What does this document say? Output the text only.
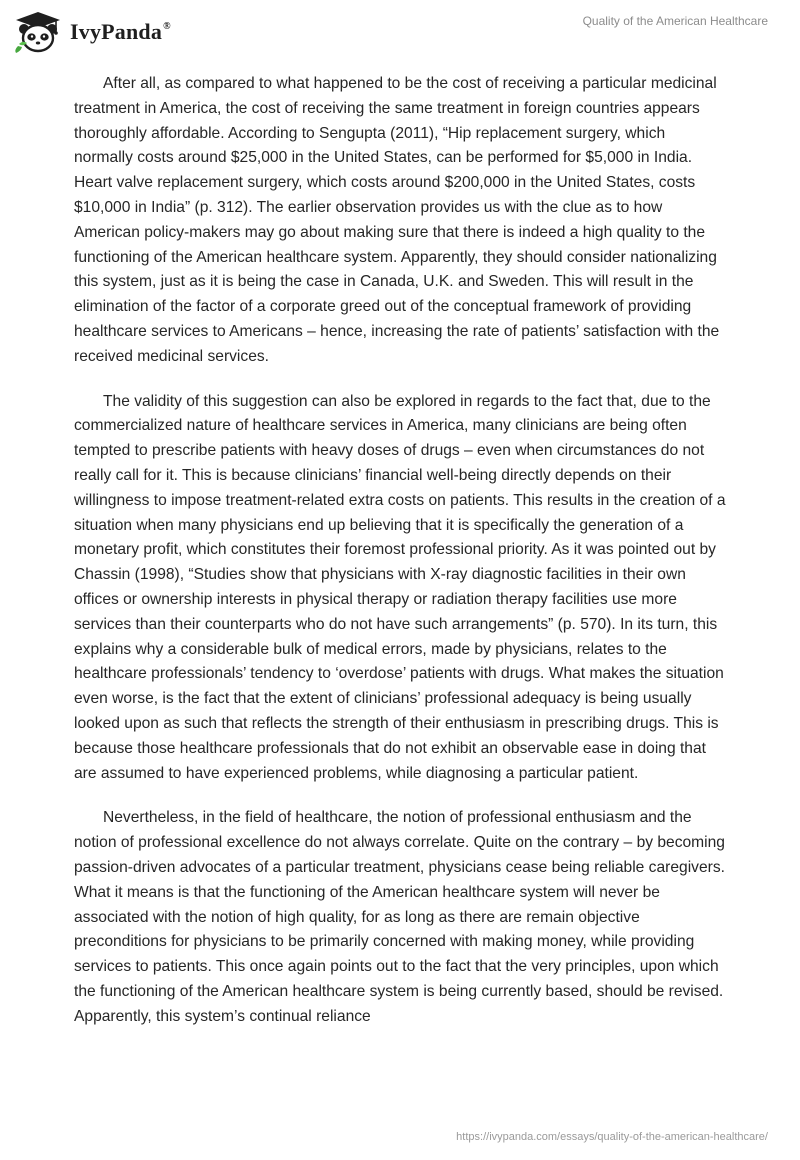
IvyPanda®	Quality of the American Healthcare

After all, as compared to what happened to be the cost of receiving a particular medicinal treatment in America, the cost of receiving the same treatment in foreign countries appears thoroughly affordable. According to Sengupta (2011), “Hip replacement surgery, which normally costs around $25,000 in the United States, can be performed for $5,000 in India. Heart valve replacement surgery, which costs around $200,000 in the United States, costs $10,000 in India” (p. 312). The earlier observation provides us with the clue as to how American policy-makers may go about making sure that there is indeed a high quality to the functioning of the American healthcare system. Apparently, they should consider nationalizing this system, just as it is being the case in Canada, U.K. and Sweden. This will result in the elimination of the factor of a corporate greed out of the conceptual framework of providing healthcare services to Americans – hence, increasing the rate of patients’ satisfaction with the received medicinal services.

The validity of this suggestion can also be explored in regards to the fact that, due to the commercialized nature of healthcare services in America, many clinicians are being often tempted to prescribe patients with heavy doses of drugs – even when circumstances do not really call for it. This is because clinicians’ financial well-being directly depends on their willingness to impose treatment-related extra costs on patients. This results in the creation of a situation when many physicians end up believing that it is specifically the generation of a monetary profit, which constitutes their foremost professional priority. As it was pointed out by Chassin (1998), “Studies show that physicians with X-ray diagnostic facilities in their own offices or ownership interests in physical therapy or radiation therapy facilities use more services than their counterparts who do not have such arrangements” (p. 570). In its turn, this explains why a considerable bulk of medical errors, made by physicians, relates to the healthcare professionals’ tendency to ‘overdose’ patients with drugs. What makes the situation even worse, is the fact that the extent of clinicians’ professional adequacy is being usually looked upon as such that reflects the strength of their enthusiasm in prescribing drugs. This is because those healthcare professionals that do not exhibit an observable ease in doing that are assumed to have experienced problems, while diagnosing a particular patient.

Nevertheless, in the field of healthcare, the notion of professional enthusiasm and the notion of professional excellence do not always correlate. Quite on the contrary – by becoming passion-driven advocates of a particular treatment, physicians cease being reliable caregivers. What it means is that the functioning of the American healthcare system will never be associated with the notion of high quality, for as long as there are remain objective preconditions for physicians to be primarily concerned with making money, while providing services to patients. This once again points out to the fact that the very principles, upon which the functioning of the American healthcare system is being currently based, should be revised. Apparently, this system’s continual reliance

https://ivypanda.com/essays/quality-of-the-american-healthcare/
